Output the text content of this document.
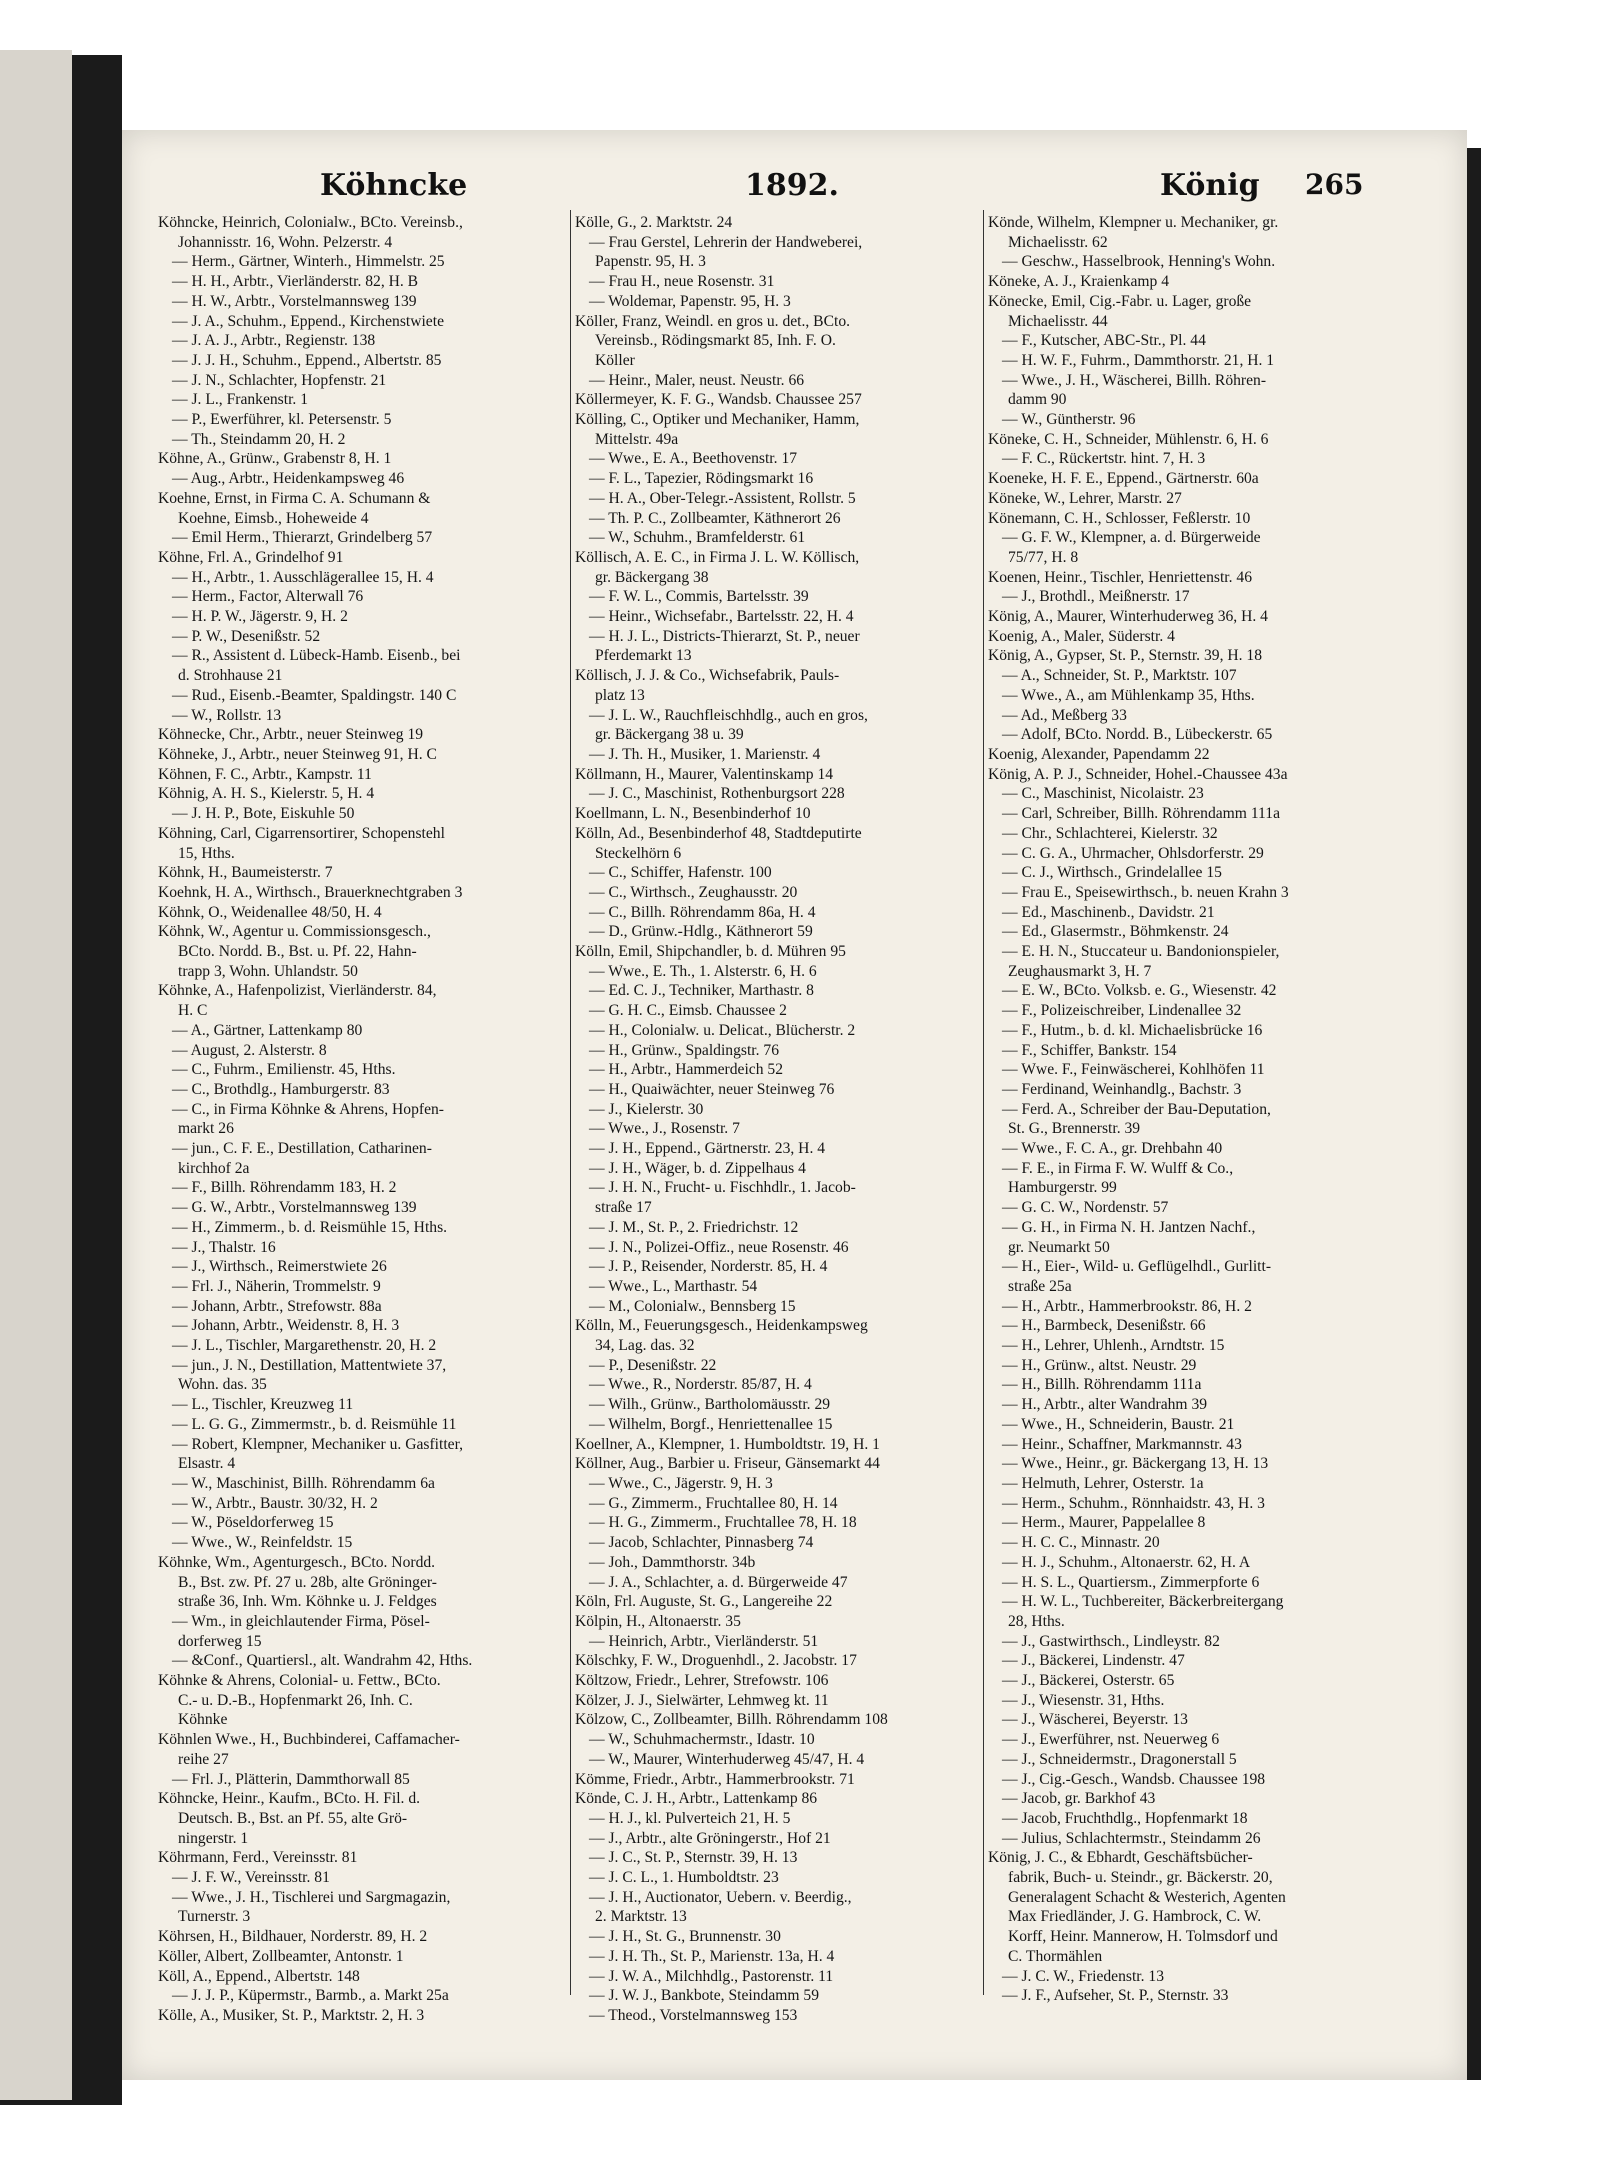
Köhncke	1892.	König 265
Köhncke, Heinrich, Colonialw., BCto. Vereinsb.,
Johannisstr. 16, Wohn. Pelzerstr. 4
— Herm., Gärtner, Winterh., Himmelstr. 25
— H. H., Arbtr., Vierländerstr. 82, H. B
— H. W., Arbtr., Vorstelmannsweg 139
— J. A., Schuhm., Eppend., Kirchenstwiete
— J. A. J., Arbtr., Regienstr. 138
— J. J. H., Schuhm., Eppend., Albertstr. 85
— J. N., Schlachter, Hopfenstr. 21
— J. L., Frankenstr. 1
— P., Ewerführer, kl. Petersenstr. 5
— Th., Steindamm 20, H. 2
Köhne, A., Grünw., Grabenstr 8, H. 1
— Aug., Arbtr., Heidenkampsweg 46
Koehne, Ernst, in Firma C. A. Schumann &
Koehne, Eimsb., Hoheweide 4
— Emil Herm., Thierarzt, Grindelberg 57
Köhne, Frl. A., Grindelhof 91
— H., Arbtr., 1. Ausschlägerallee 15, H. 4
— Herm., Factor, Alterwall 76
— H. P. W., Jägerstr. 9, H. 2
— P. W., Desenißstr. 52
— R., Assistent d. Lübeck-Hamb. Eisenb., bei
d. Strohhause 21
— Rud., Eisenb.-Beamter, Spaldingstr. 140 C
— W., Rollstr. 13
Köhnecke, Chr., Arbtr., neuer Steinweg 19
Köhneke, J., Arbtr., neuer Steinweg 91, H. C
Köhnen, F. C., Arbtr., Kampstr. 11
Köhnig, A. H. S., Kielerstr. 5, H. 4
— J. H. P., Bote, Eiskuhle 50
Köhning, Carl, Cigarrensortirer, Schopenstehl
15, Hths.
Köhnk, H., Baumeisterstr. 7
Koehnk, H. A., Wirthsch., Brauerknechtgraben 3
Köhnk, O., Weidenallee 48/50, H. 4
Köhnk, W., Agentur u. Commissionsgesch.,
BCto. Nordd. B., Bst. u. Pf. 22, Hahn-
trapp 3, Wohn. Uhlandstr. 50
Köhnke, A., Hafenpolizist, Vierländerstr. 84,
H. C
— A., Gärtner, Lattenkamp 80
— August, 2. Alsterstr. 8
— C., Fuhrm., Emilienstr. 45, Hths.
— C., Brothdlg., Hamburgerstr. 83
— C., in Firma Köhnke & Ahrens, Hopfen-
markt 26
— jun., C. F. E., Destillation, Catharinen-
kirchhof 2a
— F., Billh. Röhrendamm 183, H. 2
— G. W., Arbtr., Vorstelmannsweg 139
— H., Zimmerm., b. d. Reismühle 15, Hths.
— J., Thalstr. 16
— J., Wirthsch., Reimerstwiete 26
— Frl. J., Näherin, Trommelstr. 9
— Johann, Arbtr., Strefowstr. 88a
— Johann, Arbtr., Weidenstr. 8, H. 3
— J. L., Tischler, Margarethenstr. 20, H. 2
— jun., J. N., Destillation, Mattentwiete 37,
Wohn. das. 35
— L., Tischler, Kreuzweg 11
— L. G. G., Zimmermstr., b. d. Reismühle 11
— Robert, Klempner, Mechaniker u. Gasfitter,
Elsastr. 4
— W., Maschinist, Billh. Röhrendamm 6a
— W., Arbtr., Baustr. 30/32, H. 2
— W., Pöseldorferweg 15
— Wwe., W., Reinfeldstr. 15
Köhnke, Wm., Agenturgesch., BCto. Nordd.
B., Bst. zw. Pf. 27 u. 28b, alte Gröninger-
straße 36, Inh. Wm. Köhnke u. J. Feldges
— Wm., in gleichlautender Firma, Pösel-
dorferweg 15
— &Conf., Quartiersl., alt. Wandrahm 42, Hths.
Köhnke & Ahrens, Colonial- u. Fettw., BCto.
C.- u. D.-B., Hopfenmarkt 26, Inh. C.
Köhnke
Köhnlen Wwe., H., Buchbinderei, Caffamacher-
reihe 27
— Frl. J., Plätterin, Dammthorwall 85
Köhncke, Heinr., Kaufm., BCto. H. Fil. d.
Deutsch. B., Bst. an Pf. 55, alte Grö-
ningerstr. 1
Köhrmann, Ferd., Vereinsstr. 81
— J. F. W., Vereinsstr. 81
— Wwe., J. H., Tischlerei und Sargmagazin,
Turnerstr. 3
Köhrsen, H., Bildhauer, Norderstr. 89, H. 2
Köller, Albert, Zollbeamter, Antonstr. 1
Köll, A., Eppend., Albertstr. 148
— J. J. P., Küpermstr., Barmb., a. Markt 25a
Kölle, A., Musiker, St. P., Marktstr. 2, H. 3
Kölle, G., 2. Marktstr. 24
— Frau Gerstel, Lehrerin der Handweberei,
Papenstr. 95, H. 3
— Frau H., neue Rosenstr. 31
— Woldemar, Papenstr. 95, H. 3
Köller, Franz, Weindl. en gros u. det., BCto.
Vereinsb., Rödingsmarkt 85, Inh. F. O.
Köller
— Heinr., Maler, neust. Neustr. 66
Köllermeyer, K. F. G., Wandsb. Chaussee 257
Kölling, C., Optiker und Mechaniker, Hamm,
Mittelstr. 49a
— Wwe., E. A., Beethovenstr. 17
— F. L., Tapezier, Rödingsmarkt 16
— H. A., Ober-Telegr.-Assistent, Rollstr. 5
— Th. P. C., Zollbeamter, Käthnerort 26
— W., Schuhm., Bramfelderstr. 61
Köllisch, A. E. C., in Firma J. L. W. Köllisch,
gr. Bäckergang 38
— F. W. L., Commis, Bartelsstr. 39
— Heinr., Wichsefabr., Bartelsstr. 22, H. 4
— H. J. L., Districts-Thierarzt, St. P., neuer
Pferdemarkt 13
Köllisch, J. J. & Co., Wichsefabrik, Pauls-
platz 13
— J. L. W., Rauchfleischhdlg., auch en gros,
gr. Bäckergang 38 u. 39
— J. Th. H., Musiker, 1. Marienstr. 4
Köllmann, H., Maurer, Valentinskamp 14
— J. C., Maschinist, Rothenburgsort 228
Koellmann, L. N., Besenbinderhof 10
Kölln, Ad., Besenbinderhof 48, Stadtdeputirte
Steckelhörn 6
— C., Schiffer, Hafenstr. 100
— C., Wirthsch., Zeughausstr. 20
— C., Billh. Röhrendamm 86a, H. 4
— D., Grünw.-Hdlg., Käthnerort 59
Kölln, Emil, Shipchandler, b. d. Mühren 95
— Wwe., E. Th., 1. Alsterstr. 6, H. 6
— Ed. C. J., Techniker, Marthastr. 8
— G. H. C., Eimsb. Chaussee 2
— H., Colonialw. u. Delicat., Blücherstr. 2
— H., Grünw., Spaldingstr. 76
— H., Arbtr., Hammerdeich 52
— H., Quaiwächter, neuer Steinweg 76
— J., Kielerstr. 30
— Wwe., J., Rosenstr. 7
— J. H., Eppend., Gärtnerstr. 23, H. 4
— J. H., Wäger, b. d. Zippelhaus 4
— J. H. N., Frucht- u. Fischhdlr., 1. Jacob-
straße 17
— J. M., St. P., 2. Friedrichstr. 12
— J. N., Polizei-Offiz., neue Rosenstr. 46
— J. P., Reisender, Norderstr. 85, H. 4
— Wwe., L., Marthastr. 54
— M., Colonialw., Bennsberg 15
Kölln, M., Feuerungsgesch., Heidenkampsweg
34, Lag. das. 32
— P., Desenißstr. 22
— Wwe., R., Norderstr. 85/87, H. 4
— Wilh., Grünw., Bartholomäusstr. 29
— Wilhelm, Borgf., Henriettenallee 15
Koellner, A., Klempner, 1. Humboldtstr. 19, H. 1
Köllner, Aug., Barbier u. Friseur, Gänsemarkt 44
— Wwe., C., Jägerstr. 9, H. 3
— G., Zimmerm., Fruchtallee 80, H. 14
— H. G., Zimmerm., Fruchtallee 78, H. 18
— Jacob, Schlachter, Pinnasberg 74
— Joh., Dammthorstr. 34b
— J. A., Schlachter, a. d. Bürgerweide 47
Köln, Frl. Auguste, St. G., Langereihe 22
Kölpin, H., Altonaerstr. 35
— Heinrich, Arbtr., Vierländerstr. 51
Kölschky, F. W., Droguenhdl., 2. Jacobstr. 17
Költzow, Friedr., Lehrer, Strefowstr. 106
Kölzer, J. J., Sielwärter, Lehmweg kt. 11
Kölzow, C., Zollbeamter, Billh. Röhrendamm 108
— W., Schuhmachermstr., Idastr. 10
— W., Maurer, Winterhuderweg 45/47, H. 4
Kömme, Friedr., Arbtr., Hammerbrookstr. 71
Könde, C. J. H., Arbtr., Lattenkamp 86
— H. J., kl. Pulverteich 21, H. 5
— J., Arbtr., alte Gröningerstr., Hof 21
— J. C., St. P., Sternstr. 39, H. 13
— J. C. L., 1. Humboldtstr. 23
— J. H., Auctionator, Uebern. v. Beerdig.,
2. Marktstr. 13
— J. H., St. G., Brunnenstr. 30
— J. H. Th., St. P., Marienstr. 13a, H. 4
— J. W. A., Milchhdlg., Pastorenstr. 11
— J. W. J., Bankbote, Steindamm 59
— Theod., Vorstelmannsweg 153
Könde, Wilhelm, Klempner u. Mechaniker, gr.
Michaelisstr. 62
— Geschw., Hasselbrook, Henning's Wohn.
Köneke, A. J., Kraienkamp 4
Könecke, Emil, Cig.-Fabr. u. Lager, große
Michaelisstr. 44
— F., Kutscher, ABC-Str., Pl. 44
— H. W. F., Fuhrm., Dammthorstr. 21, H. 1
— Wwe., J. H., Wäscherei, Billh. Röhren-
damm 90
— W., Güntherstr. 96
Köneke, C. H., Schneider, Mühlenstr. 6, H. 6
— F. C., Rückertstr. hint. 7, H. 3
Koeneke, H. F. E., Eppend., Gärtnerstr. 60a
Köneke, W., Lehrer, Marstr. 27
Könemann, C. H., Schlosser, Feßlerstr. 10
— G. F. W., Klempner, a. d. Bürgerweide
75/77, H. 8
Koenen, Heinr., Tischler, Henriettenstr. 46
— J., Brothdl., Meißnerstr. 17
König, A., Maurer, Winterhuderweg 36, H. 4
Koenig, A., Maler, Süderstr. 4
König, A., Gypser, St. P., Sternstr. 39, H. 18
— A., Schneider, St. P., Marktstr. 107
— Wwe., A., am Mühlenkamp 35, Hths.
— Ad., Meßberg 33
— Adolf, BCto. Nordd. B., Lübeckerstr. 65
Koenig, Alexander, Papendamm 22
König, A. P. J., Schneider, Hohel.-Chaussee 43a
— C., Maschinist, Nicolaistr. 23
— Carl, Schreiber, Billh. Röhrendamm 111a
— Chr., Schlachterei, Kielerstr. 32
— C. G. A., Uhrmacher, Ohlsdorferstr. 29
— C. J., Wirthsch., Grindelallee 15
— Frau E., Speisewirthsch., b. neuen Krahn 3
— Ed., Maschinenb., Davidstr. 21
— Ed., Glasermstr., Böhmkenstr. 24
— E. H. N., Stuccateur u. Bandonionspieler,
Zeughausmarkt 3, H. 7
— E. W., BCto. Volksb. e. G., Wiesenstr. 42
— F., Polizeischreiber, Lindenallee 32
— F., Hutm., b. d. kl. Michaelisbrücke 16
— F., Schiffer, Bankstr. 154
— Wwe. F., Feinwäscherei, Kohlhöfen 11
— Ferdinand, Weinhandlg., Bachstr. 3
— Ferd. A., Schreiber der Bau-Deputation,
St. G., Brennerstr. 39
— Wwe., F. C. A., gr. Drehbahn 40
— F. E., in Firma F. W. Wulff & Co.,
Hamburgerstr. 99
— G. C. W., Nordenstr. 57
— G. H., in Firma N. H. Jantzen Nachf.,
gr. Neumarkt 50
— H., Eier-, Wild- u. Geflügelhdl., Gurlitt-
straße 25a
— H., Arbtr., Hammerbrookstr. 86, H. 2
— H., Barmbeck, Desenißstr. 66
— H., Lehrer, Uhlenh., Arndtstr. 15
— H., Grünw., altst. Neustr. 29
— H., Billh. Röhrendamm 111a
— H., Arbtr., alter Wandrahm 39
— Wwe., H., Schneiderin, Baustr. 21
— Heinr., Schaffner, Markmannstr. 43
— Wwe., Heinr., gr. Bäckergang 13, H. 13
— Helmuth, Lehrer, Osterstr. 1a
— Herm., Schuhm., Rönnhaidstr. 43, H. 3
— Herm., Maurer, Pappelallee 8
— H. C. C., Minnastr. 20
— H. J., Schuhm., Altonaerstr. 62, H. A
— H. S. L., Quartiersm., Zimmerpforte 6
— H. W. L., Tuchbereiter, Bäckerbreitergang
28, Hths.
— J., Gastwirthsch., Lindleystr. 82
— J., Bäckerei, Lindenstr. 47
— J., Bäckerei, Osterstr. 65
— J., Wiesenstr. 31, Hths.
— J., Wäscherei, Beyerstr. 13
— J., Ewerführer, nst. Neuerweg 6
— J., Schneidermstr., Dragonerstall 5
— J., Cig.-Gesch., Wandsb. Chaussee 198
— Jacob, gr. Barkhof 43
— Jacob, Fruchthdlg., Hopfenmarkt 18
— Julius, Schlachtermstr., Steindamm 26
König, J. C., & Ebhardt, Geschäftsbücher-
fabrik, Buch- u. Steindr., gr. Bäckerstr. 20,
Generalagent Schacht & Westerich, Agenten
Max Friedländer, J. G. Hambrock, C. W.
Korff, Heinr. Mannerow, H. Tolmsdorf und
C. Thormählen
— J. C. W., Friedenstr. 13
— J. F., Aufseher, St. P., Sternstr. 33
